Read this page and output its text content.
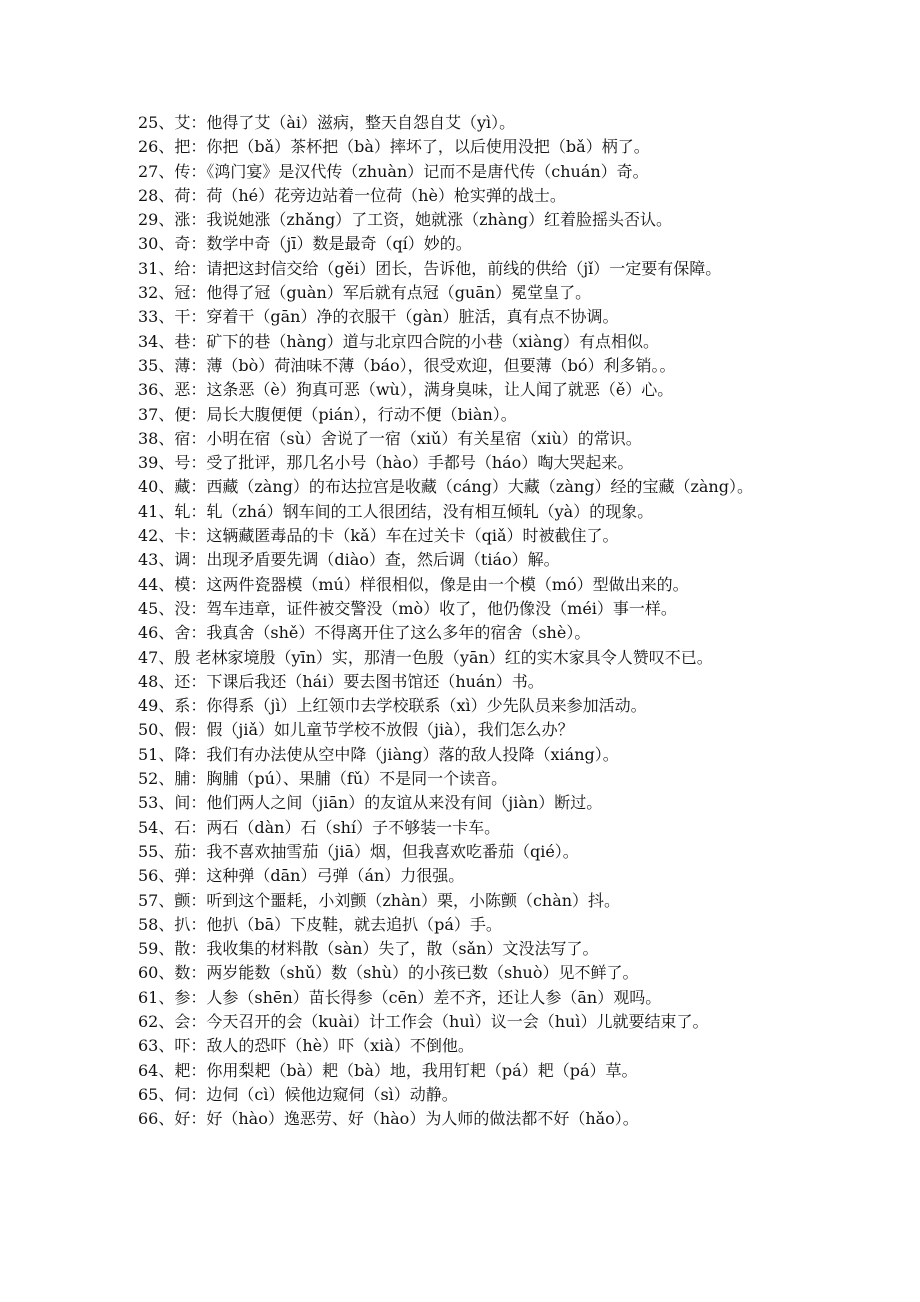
25、艾：他得了艾（ài）滋病，整天自怨自艾（yì）。
26、把：你把（bǎ）茶杯把（bà）摔坏了，以后使用没把（bǎ）柄了。
27、传：《鸿门宴》是汉代传（zhuàn）记而不是唐代传（chuán）奇。
28、荷：荷（hé）花旁边站着一位荷（hè）枪实弹的战士。
29、涨：我说她涨（zhǎng）了工资，她就涨（zhàng）红着脸摇头否认。
30、奇：数学中奇（jī）数是最奇（qí）妙的。
31、给：请把这封信交给（gěi）团长，告诉他，前线的供给（jǐ）一定要有保障。
32、冠：他得了冠（guàn）军后就有点冠（guān）冕堂皇了。
33、干：穿着干（gān）净的衣服干（gàn）脏活，真有点不协调。
34、巷：矿下的巷（hàng）道与北京四合院的小巷（xiàng）有点相似。
35、薄：薄（bò）荷油味不薄（báo），很受欢迎，但要薄（bó）利多销。。
36、恶：这条恶（è）狗真可恶（wù），满身臭味，让人闻了就恶（ě）心。
37、便：局长大腹便便（pián），行动不便（biàn）。
38、宿：小明在宿（sù）舍说了一宿（xiǔ）有关星宿（xiù）的常识。
39、号：受了批评，那几名小号（hào）手都号（háo）啕大哭起来。
40、藏：西藏（zàng）的布达拉宫是收藏（cáng）大藏（zàng）经的宝藏（zàng）。
41、轧：轧（zhá）钢车间的工人很团结，没有相互倾轧（yà）的现象。
42、卡：这辆藏匿毒品的卡（kǎ）车在过关卡（qiǎ）时被截住了。
43、调：出现矛盾要先调（diào）查，然后调（tiáo）解。
44、模：这两件瓷器模（mú）样很相似，像是由一个模（mó）型做出来的。
45、没：驾车违章，证件被交警没（mò）收了，他仍像没（méi）事一样。
46、舍：我真舍（shě）不得离开住了这么多年的宿舍（shè）。
47、殷 老林家境殷（yīn）实，那清一色殷（yān）红的实木家具令人赞叹不已。
48、还：下课后我还（hái）要去图书馆还（huán）书。
49、系：你得系（jì）上红领巾去学校联系（xì）少先队员来参加活动。
50、假：假（jiǎ）如儿童节学校不放假（jià），我们怎么办？
51、降：我们有办法使从空中降（jiàng）落的敌人投降（xiáng）。
52、脯：胸脯（pú）、果脯（fǔ）不是同一个读音。
53、间：他们两人之间（jiān）的友谊从来没有间（jiàn）断过。
54、石：两石（dàn）石（shí）子不够装一卡车。
55、茄：我不喜欢抽雪茄（jiā）烟，但我喜欢吃番茄（qié）。
56、弹：这种弹（dān）弓弹（án）力很强。
57、颤：听到这个噩耗，小刘颤（zhàn）栗，小陈颤（chàn）抖。
58、扒：他扒（bā）下皮鞋，就去追扒（pá）手。
59、散：我收集的材料散（sàn）失了，散（sǎn）文没法写了。
60、数：两岁能数（shǔ）数（shù）的小孩已数（shuò）见不鲜了。
61、参：人参（shēn）苗长得参（cēn）差不齐，还让人参（ān）观吗。
62、会：今天召开的会（kuài）计工作会（huì）议一会（huì）儿就要结束了。
63、吓：敌人的恐吓（hè）吓（xià）不倒他。
64、耙：你用梨耙（bà）耙（bà）地，我用钉耙（pá）耙（pá）草。
65、伺：边伺（cì）候他边窥伺（sì）动静。
66、好：好（hào）逸恶劳、好（hào）为人师的做法都不好（hǎo）。
